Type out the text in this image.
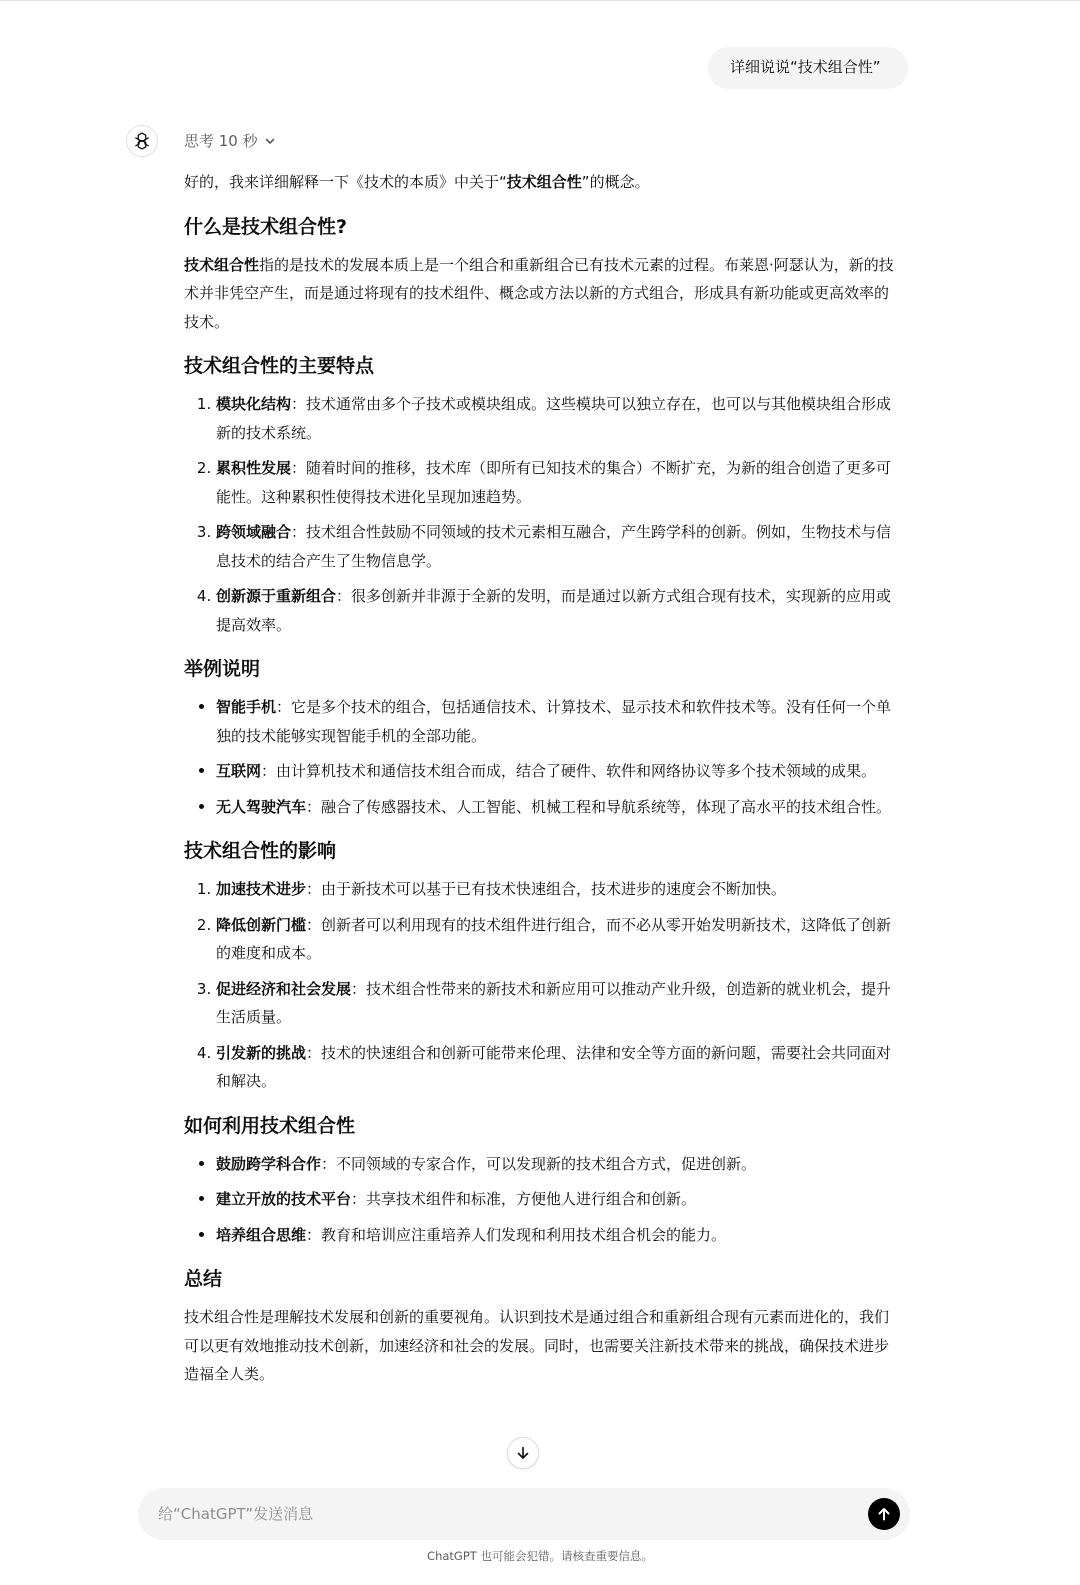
详细说说“技术组合性”
思考 10 秒

好的，我来详细解释一下《技术的本质》中关于“技术组合性”的概念。

什么是技术组合性?

技术组合性指的是技术的发展本质上是一个组合和重新组合已有技术元素的过程。布莱恩·阿瑟认为，新的技术并非凭空产生，而是通过将现有的技术组件、概念或方法以新的方式组合，形成具有新功能或更高效率的技术。

技术组合性的主要特点
1. 模块化结构：技术通常由多个子技术或模块组成。这些模块可以独立存在，也可以与其他模块组合形成新的技术系统。
2. 累积性发展：随着时间的推移，技术库（即所有已知技术的集合）不断扩充，为新的组合创造了更多可能性。这种累积性使得技术进化呈现加速趋势。
3. 跨领域融合：技术组合性鼓励不同领域的技术元素相互融合，产生跨学科的创新。例如，生物技术与信息技术的结合产生了生物信息学。
4. 创新源于重新组合：很多创新并非源于全新的发明，而是通过以新方式组合现有技术，实现新的应用或提高效率。
举例说明
• 智能手机：它是多个技术的组合，包括通信技术、计算技术、显示技术和软件技术等。没有任何一个单独的技术能够实现智能手机的全部功能。
• 互联网：由计算机技术和通信技术组合而成，结合了硬件、软件和网络协议等多个技术领域的成果。
• 无人驾驶汽车：融合了传感器技术、人工智能、机械工程和导航系统等，体现了高水平的技术组合性。
技术组合性的影响
1. 加速技术进步：由于新技术可以基于已有技术快速组合，技术进步的速度会不断加快。
2. 降低创新门槛：创新者可以利用现有的技术组件进行组合，而不必从零开始发明新技术，这降低了创新的难度和成本。
3. 促进经济和社会发展：技术组合性带来的新技术和新应用可以推动产业升级，创造新的就业机会，提升生活质量。
4. 引发新的挑战：技术的快速组合和创新可能带来伦理、法律和安全等方面的新问题，需要社会共同面对和解决。
如何利用技术组合性
• 鼓励跨学科合作：不同领域的专家合作，可以发现新的技术组合方式，促进创新。
• 建立开放的技术平台：共享技术组件和标准，方便他人进行组合和创新。
• 培养组合思维：教育和培训应注重培养人们发现和利用技术组合机会的能力。
总结

技术组合性是理解技术发展和创新的重要视角。认识到技术是通过组合和重新组合现有元素而进化的，我们可以更有效地推动技术创新，加速经济和社会的发展。同时，也需要关注新技术带来的挑战，确保技术进步造福全人类。

给“ChatGPT”发送消息
ChatGPT 也可能会犯错。请核查重要信息。
